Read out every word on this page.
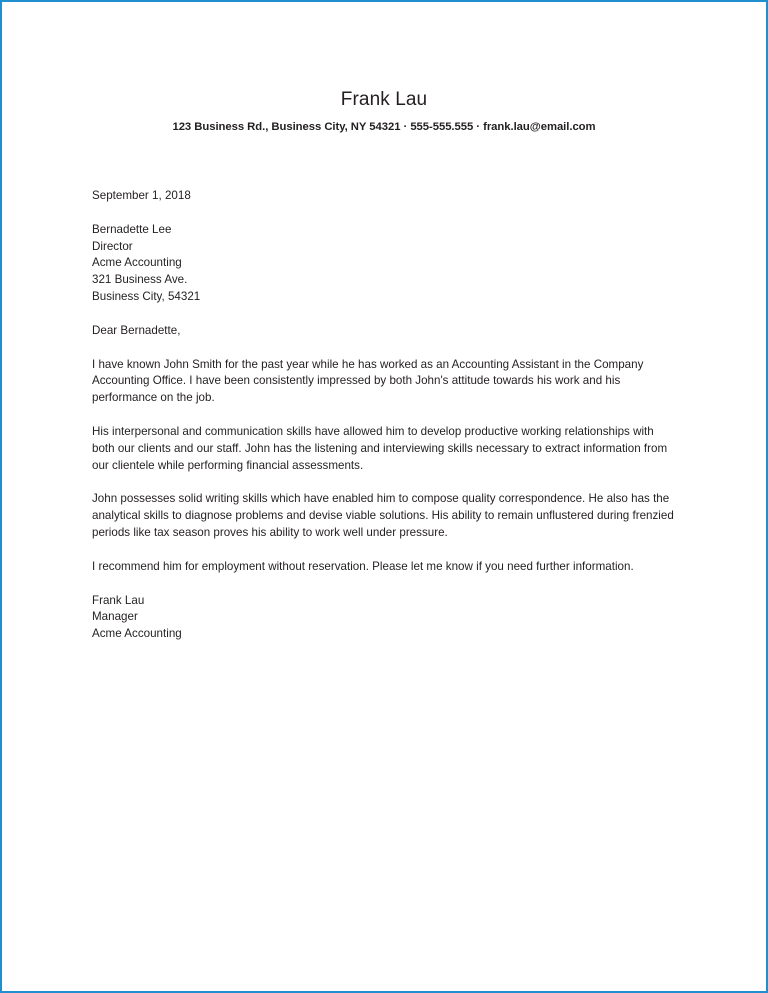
Frank Lau
123 Business Rd., Business City, NY 54321 · 555-555.555 · frank.lau@email.com
September 1, 2018
Bernadette Lee
Director
Acme Accounting
321 Business Ave.
Business City, 54321
Dear Bernadette,

I have known John Smith for the past year while he has worked as an Accounting Assistant in the Company Accounting Office. I have been consistently impressed by both John's attitude towards his work and his performance on the job.

His interpersonal and communication skills have allowed him to develop productive working relationships with both our clients and our staff. John has the listening and interviewing skills necessary to extract information from our clientele while performing financial assessments.

John possesses solid writing skills which have enabled him to compose quality correspondence. He also has the analytical skills to diagnose problems and devise viable solutions. His ability to remain unflustered during frenzied periods like tax season proves his ability to work well under pressure.

I recommend him for employment without reservation. Please let me know if you need further information.

Frank Lau
Manager
Acme Accounting
